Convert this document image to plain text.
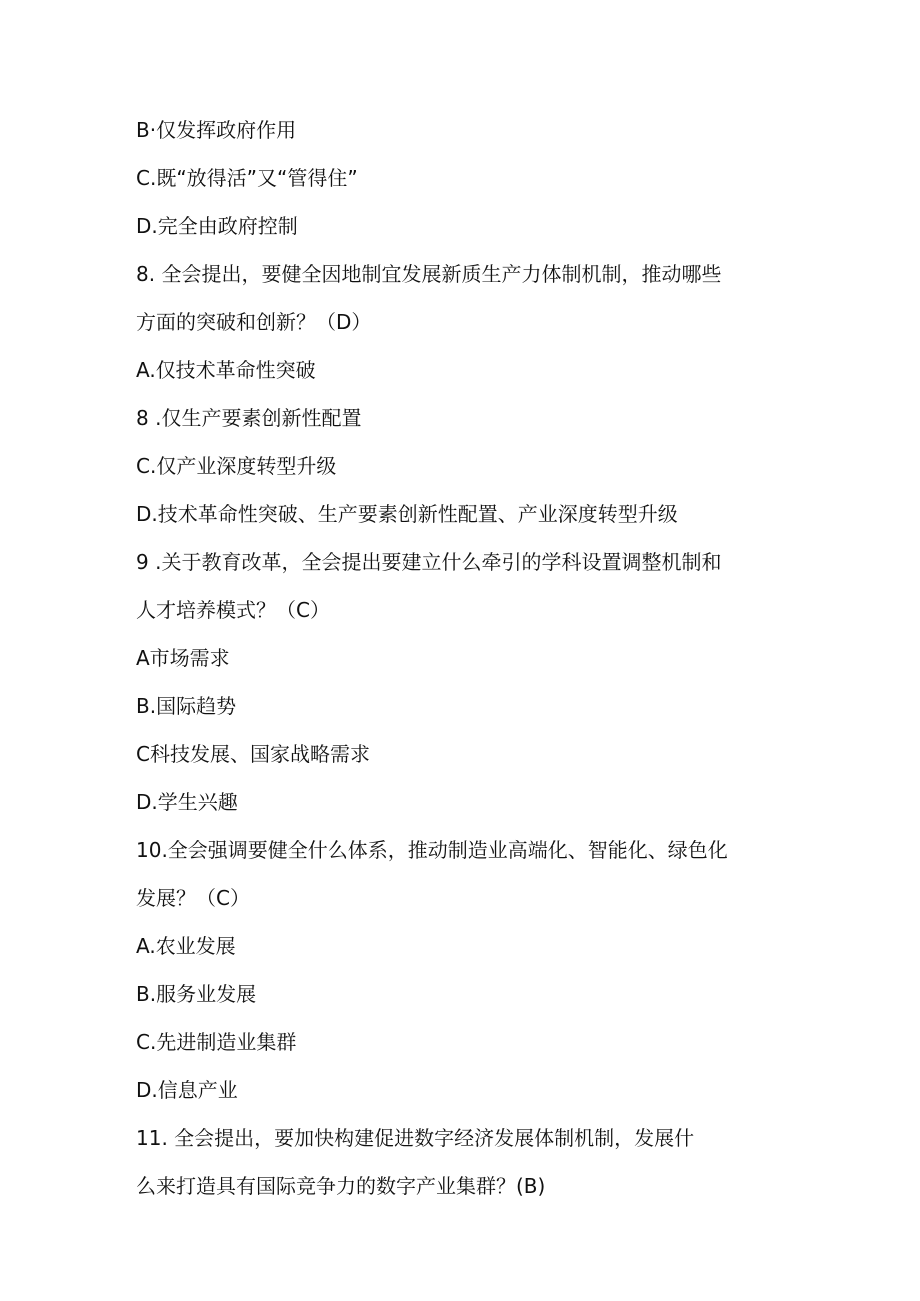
B·仅发挥政府作用

C.既“放得活”又“管得住”

D.完全由政府控制

8. 全会提出，要健全因地制宜发展新质生产力体制机制，推动哪些

方面的突破和创新？（D）

A.仅技术革命性突破

8 .仅生产要素创新性配置

C.仅产业深度转型升级

D.技术革命性突破、生产要素创新性配置、产业深度转型升级

9 .关于教育改革，全会提出要建立什么牵引的学科设置调整机制和

人才培养模式？（C）

A市场需求

B.国际趋势

C科技发展、国家战略需求

D.学生兴趣

10.全会强调要健全什么体系，推动制造业高端化、智能化、绿色化

发展？（C）

A.农业发展

B.服务业发展

C.先进制造业集群

D.信息产业

11. 全会提出，要加快构建促进数字经济发展体制机制，发展什

么来打造具有国际竞争力的数字产业集群？(B)
